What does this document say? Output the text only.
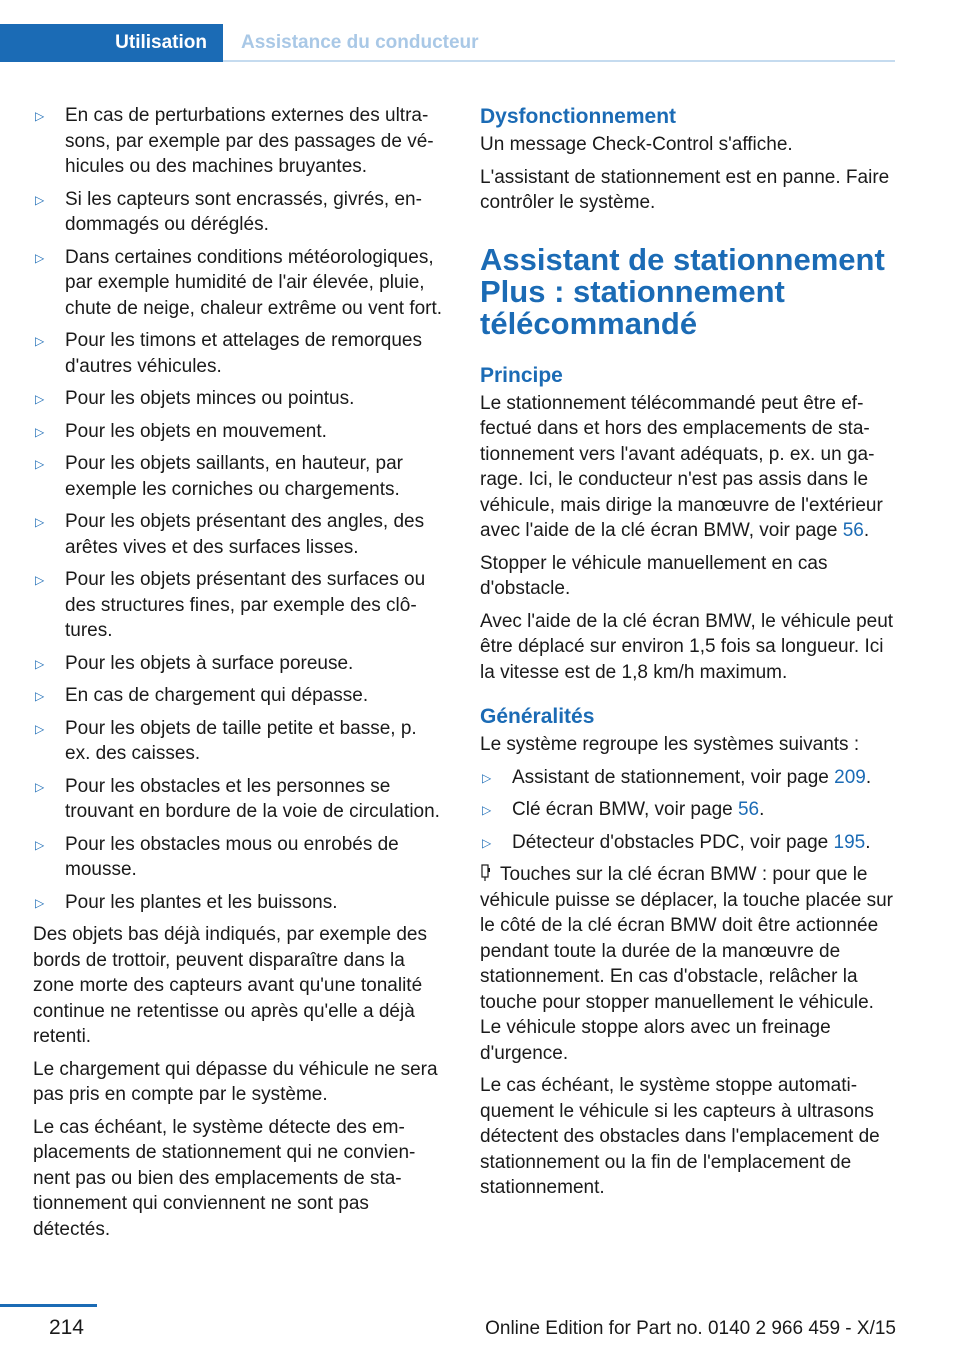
Utilisation	Assistance du conducteur
▷ En cas de perturbations externes des ultrasons, par exemple par des passages de véhicules ou des machines bruyantes.
▷ Si les capteurs sont encrassés, givrés, endommagés ou déréglés.
▷ Dans certaines conditions météorologiques, par exemple humidité de l'air élevée, pluie, chute de neige, chaleur extrême ou vent fort.
▷ Pour les timons et attelages de remorques d'autres véhicules.
▷ Pour les objets minces ou pointus.
▷ Pour les objets en mouvement.
▷ Pour les objets saillants, en hauteur, par exemple les corniches ou chargements.
▷ Pour les objets présentant des angles, des arêtes vives et des surfaces lisses.
▷ Pour les objets présentant des surfaces ou des structures fines, par exemple des clôtures.
▷ Pour les objets à surface poreuse.
▷ En cas de chargement qui dépasse.
▷ Pour les objets de taille petite et basse, p. ex. des caisses.
▷ Pour les obstacles et les personnes se trouvant en bordure de la voie de circulation.
▷ Pour les obstacles mous ou enrobés de mousse.
▷ Pour les plantes et les buissons.

Des objets bas déjà indiqués, par exemple des bords de trottoir, peuvent disparaître dans la zone morte des capteurs avant qu'une tonalité continue ne retentisse ou après qu'elle a déjà retenti.

Le chargement qui dépasse du véhicule ne sera pas pris en compte par le système.

Le cas échéant, le système détecte des emplacements de stationnement qui ne conviennent pas ou bien des emplacements de stationnement qui conviennent ne sont pas détectés.

Dysfonctionnement

Un message Check-Control s'affiche.

L'assistant de stationnement est en panne. Faire contrôler le système.

Assistant de stationnement Plus : stationnement télécommandé
Principe

Le stationnement télécommandé peut être effectué dans et hors des emplacements de stationnement vers l'avant adéquats, p. ex. un garage. Ici, le conducteur n'est pas assis dans le véhicule, mais dirige la manœuvre de l'extérieur avec l'aide de la clé écran BMW, voir page 56.

Stopper le véhicule manuellement en cas d'obstacle.

Avec l'aide de la clé écran BMW, le véhicule peut être déplacé sur environ 1,5 fois sa longueur. Ici la vitesse est de 1,8 km/h maximum.

Généralités

Le système regroupe les systèmes suivants :

▷ Assistant de stationnement, voir page 209.
▷ Clé écran BMW, voir page 56.
▷ Détecteur d'obstacles PDC, voir page 195.

Touches sur la clé écran BMW : pour que le véhicule puisse se déplacer, la touche placée sur le côté de la clé écran BMW doit être actionnée pendant toute la durée de la manœuvre de stationnement. En cas d'obstacle, relâcher la touche pour stopper manuellement le véhicule. Le véhicule stoppe alors avec un freinage d'urgence.

Le cas échéant, le système stoppe automatiquement le véhicule si les capteurs à ultrasons détectent des obstacles dans l'emplacement de stationnement ou la fin de l'emplacement de stationnement.

214	Online Edition for Part no. 0140 2 966 459 - X/15
